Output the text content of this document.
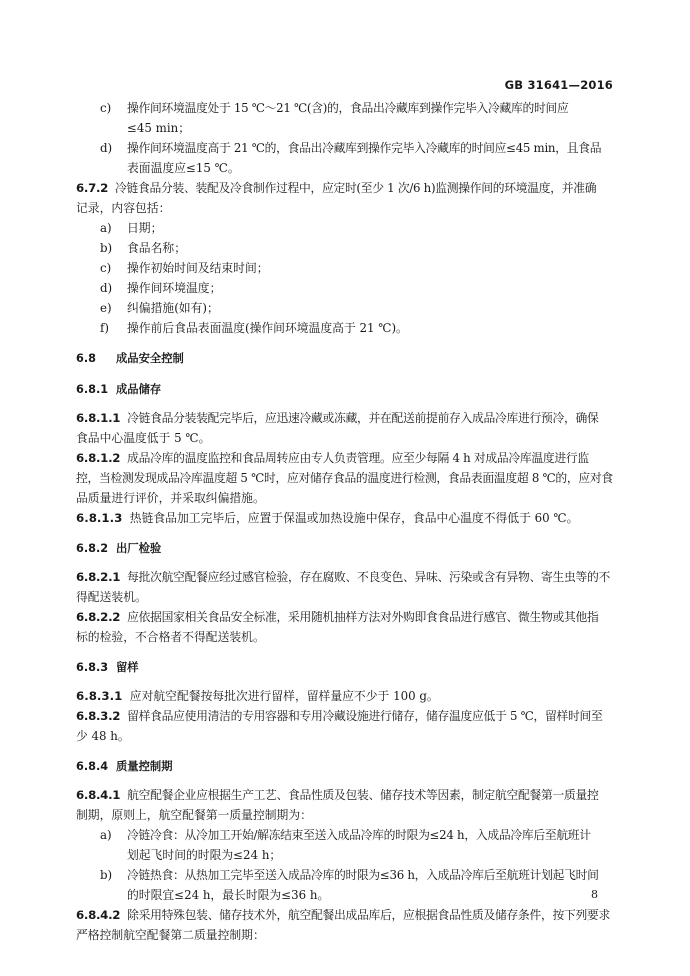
GB 31641—2016
c) 操作间环境温度处于 15 ℃～21 ℃(含)的，食品出冷藏库到操作完毕入冷藏库的时间应
≤45 min；
d) 操作间环境温度高于 21 ℃的，食品出冷藏库到操作完毕入冷藏库的时间应≤45 min，且食品
表面温度应≤15 ℃。
6.7.2 冷链食品分装、装配及冷食制作过程中，应定时(至少 1 次/6 h)监测操作间的环境温度，并准确
记录，内容包括：
a) 日期；
b) 食品名称；
c) 操作初始时间及结束时间；
d) 操作间环境温度；
e) 纠偏措施(如有)；
f) 操作前后食品表面温度(操作间环境温度高于 21 ℃)。
6.8 成品安全控制
6.8.1 成品储存
6.8.1.1 冷链食品分装装配完毕后，应迅速冷藏或冻藏，并在配送前提前存入成品冷库进行预冷，确保
食品中心温度低于 5 ℃。
6.8.1.2 成品冷库的温度监控和食品周转应由专人负责管理。应至少每隔 4 h 对成品冷库温度进行监
控，当检测发现成品冷库温度超 5 ℃时，应对储存食品的温度进行检测，食品表面温度超 8 ℃的，应对食
品质量进行评价，并采取纠偏措施。
6.8.1.3 热链食品加工完毕后，应置于保温或加热设施中保存，食品中心温度不得低于 60 ℃。
6.8.2 出厂检验
6.8.2.1 每批次航空配餐应经过感官检验，存在腐败、不良变色、异味、污染或含有异物、寄生虫等的不
得配送装机。
6.8.2.2 应依据国家相关食品安全标准，采用随机抽样方法对外购即食食品进行感官、微生物或其他指
标的检验，不合格者不得配送装机。
6.8.3 留样
6.8.3.1 应对航空配餐按每批次进行留样，留样量应不少于 100 g。
6.8.3.2 留样食品应使用清洁的专用容器和专用冷藏设施进行储存，储存温度应低于 5 ℃，留样时间至
少 48 h。
6.8.4 质量控制期
6.8.4.1 航空配餐企业应根据生产工艺、食品性质及包装、储存技术等因素，制定航空配餐第一质量控
制期，原则上，航空配餐第一质量控制期为：
a) 冷链冷食：从冷加工开始/解冻结束至送入成品冷库的时限为≤24 h，入成品冷库后至航班计
划起飞时间的时限为≤24 h；
b) 冷链热食：从热加工完毕至送入成品冷库的时限为≤36 h，入成品冷库后至航班计划起飞时间
的时限宜≤24 h，最长时限为≤36 h。
6.8.4.2 除采用特殊包装、储存技术外，航空配餐出成品库后，应根据食品性质及储存条件，按下列要求
严格控制航空配餐第二质量控制期：
8
